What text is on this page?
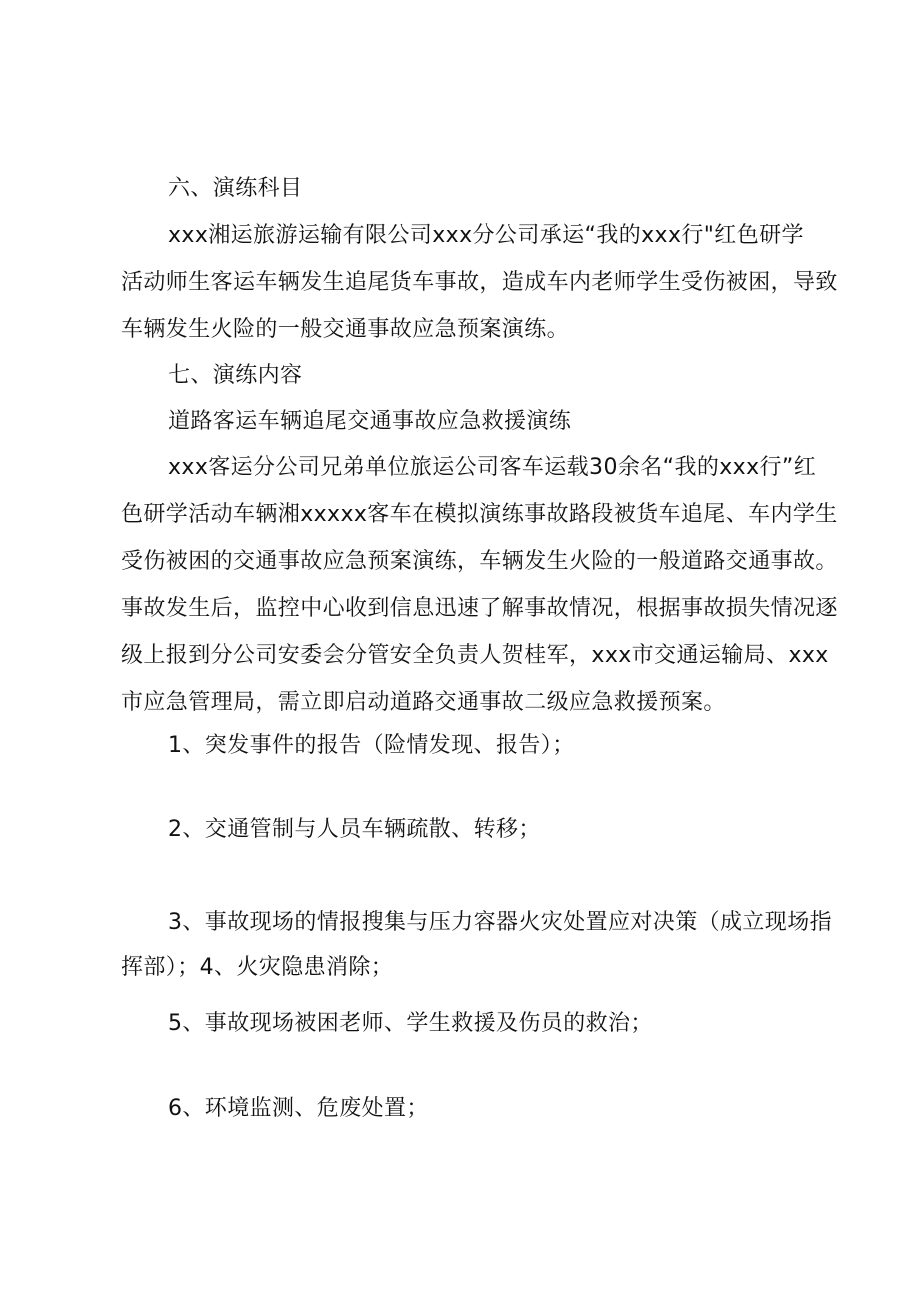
六、演练科目
xxx湘运旅游运输有限公司xxx分公司承运“我的xxx行"红色研学
活动师生客运车辆发生追尾货车事故，造成车内老师学生受伤被困，导致
车辆发生火险的一般交通事故应急预案演练。
七、演练内容
道路客运车辆追尾交通事故应急救援演练
xxx客运分公司兄弟单位旅运公司客车运载30余名“我的xxx行”红
色研学活动车辆湘xxxxx客车在模拟演练事故路段被货车追尾、车内学生
受伤被困的交通事故应急预案演练，车辆发生火险的一般道路交通事故。
事故发生后，监控中心收到信息迅速了解事故情况，根据事故损失情况逐
级上报到分公司安委会分管安全负责人贺桂军，xxx市交通运输局、xxx
市应急管理局，需立即启动道路交通事故二级应急救援预案。
1、突发事件的报告（险情发现、报告）；
2、交通管制与人员车辆疏散、转移；
3、事故现场的情报搜集与压力容器火灾处置应对决策（成立现场指
挥部）；4、火灾隐患消除；
5、事故现场被困老师、学生救援及伤员的救治；
6、环境监测、危废处置；
